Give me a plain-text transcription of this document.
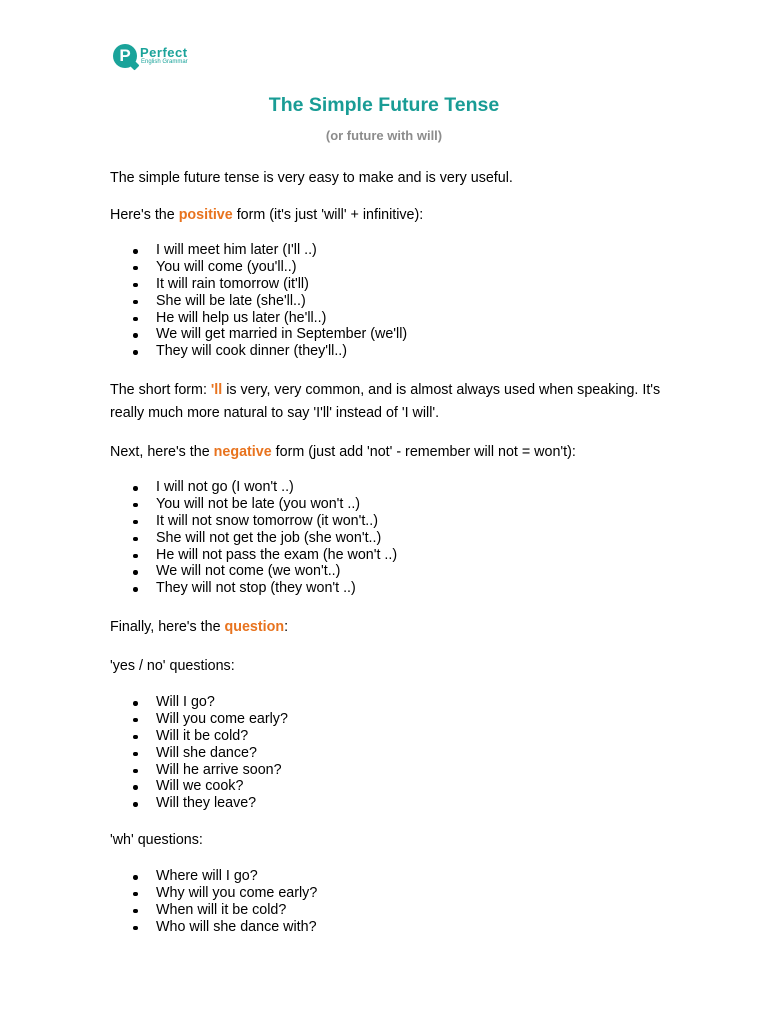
P Perfect
English Grammar
The Simple Future Tense

(or future with will)

The simple future tense is very easy to make and is very useful.

Here's the positive form (it's just 'will' + infinitive):

I will meet him later (I'll ..)
You will come (you'll..)
It will rain tomorrow (it'll)
She will be late (she'll..)
He will help us later (he'll..)
We will get married in September (we'll)
They will cook dinner (they'll..)

The short form: 'll is very, very common, and is almost always used when speaking. It's really much more natural to say 'I'll' instead of 'I will'.

Next, here's the negative form (just add 'not' - remember will not = won't):

I will not go (I won't ..)
You will not be late (you won't ..)
It will not snow tomorrow (it won't..)
She will not get the job (she won't..)
He will not pass the exam (he won't ..)
We will not come (we won't..)
They will not stop (they won't ..)

Finally, here's the question:

'yes / no' questions:

Will I go?
Will you come early?
Will it be cold?
Will she dance?
Will he arrive soon?
Will we cook?
Will they leave?

'wh' questions:

Where will I go?
Why will you come early?
When will it be cold?
Who will she dance with?
